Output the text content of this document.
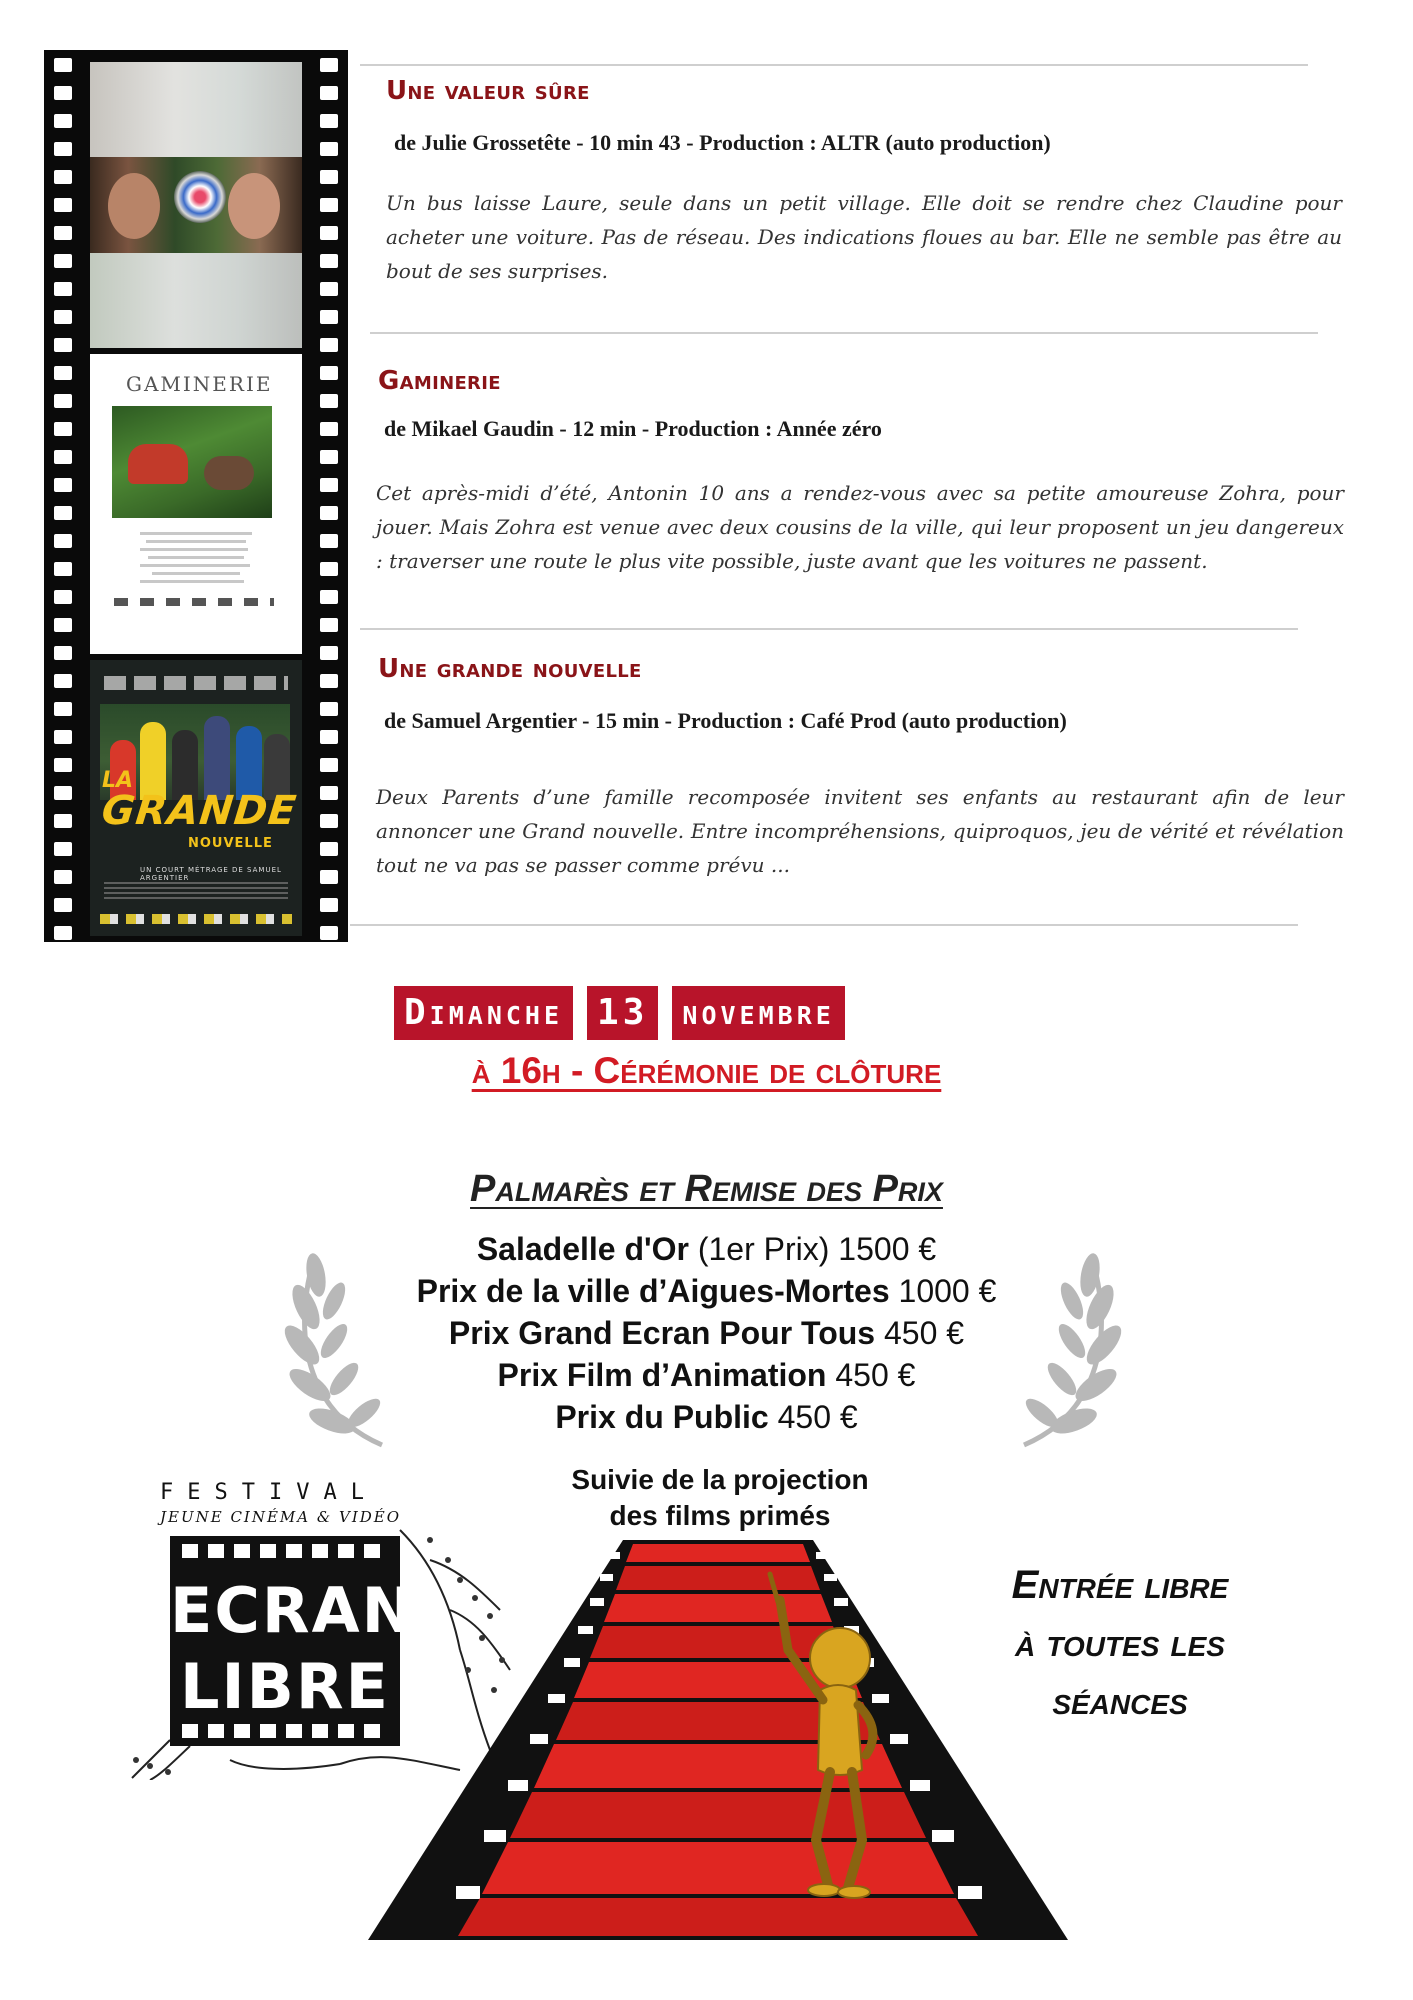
GAMINERIE
LA
GRANDE
NOUVELLE
UN COURT MÉTRAGE DE SAMUEL ARGENTIER
Une valeur sûre

de Julie Grossetête - 10 min 43 - Production : ALTR (auto production)

Un bus laisse Laure, seule dans un petit village. Elle doit se rendre chez Claudine pour acheter une voiture. Pas de réseau. Des indications floues au bar. Elle ne semble pas être au bout de ses surprises.

Gaminerie

de Mikael Gaudin - 12 min - Production : Année zéro

Cet après-midi d’été, Antonin 10 ans a rendez-vous avec sa petite amoureuse Zohra, pour jouer. Mais Zohra est venue avec deux cousins de la ville, qui leur proposent un jeu dangereux : traverser une route le plus vite possible, juste avant que les voitures ne passent.

Une grande nouvelle

de Samuel Argentier - 15 min - Production : Café Prod (auto production)

Deux Parents d’une famille recomposée invitent ses enfants au restaurant afin de leur annoncer une Grand nouvelle. Entre incompréhensions, quiproquos, jeu de vérité et révélation tout ne va pas se passer comme prévu ...

Dimanche 13 novembre

à 16h - Cérémonie de clôture

Palmarès et Remise des Prix
Saladelle d'Or (1er Prix) 1500 €
Prix de la ville d’Aigues-Mortes 1000 €
Prix Grand Ecran Pour Tous 450 €
Prix Film d’Animation 450 €
Prix du Public 450 €

Suivie de la projection
des films primés

FESTIVAL
JEUNE CINÉMA & VIDÉO
ECRAN
LIBRE

Entrée libre
à toutes les
séances
